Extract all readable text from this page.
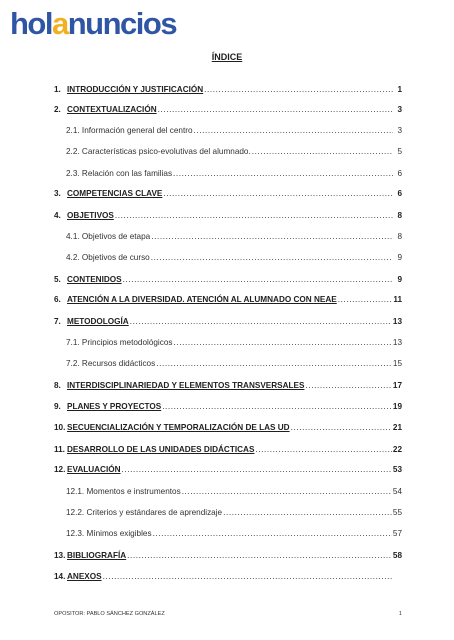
holanuncios
ÍNDICE
1. INTRODUCCIÓN Y JUSTIFICACIÓN .....	1
2. CONTEXTUALIZACIÓN .....	3
2.1. Información general del centro .....	3
2.2. Características psico-evolutivas del alumnado. .....	5
2.3. Relación con las familias .....	6
3. COMPETENCIAS CLAVE .....	6
4. OBJETIVOS .....	8
4.1. Objetivos de etapa .....	8
4.2. Objetivos de curso .....	9
5. CONTENIDOS .....	9
6. ATENCIÓN A LA DIVERSIDAD. ATENCIÓN AL ALUMNADO CON NEAE .....	11
7. METODOLOGÍA .....	13
7.1. Principios metodológicos .....	13
7.2. Recursos didácticos .....	15
8. INTERDISCIPLINARIEDAD Y ELEMENTOS TRANSVERSALES .....	17
9. PLANES Y PROYECTOS .....	19
10. SECUENCIALIZACIÓN Y TEMPORALIZACIÓN DE LAS UD .....	21
11. DESARROLLO DE LAS UNIDADES DIDÁCTICAS .....	22
12. EVALUACIÓN .....	53
12.1. Momentos e instrumentos .....	54
12.2. Criterios y estándares de aprendizaje .....	55
12.3. Mínimos exigibles .....	57
13. BIBLIOGRAFÍA .....	58
14. ANEXOS
.....
OPOSITOR: PABLO SÁNCHEZ GONZÁLEZ	1
